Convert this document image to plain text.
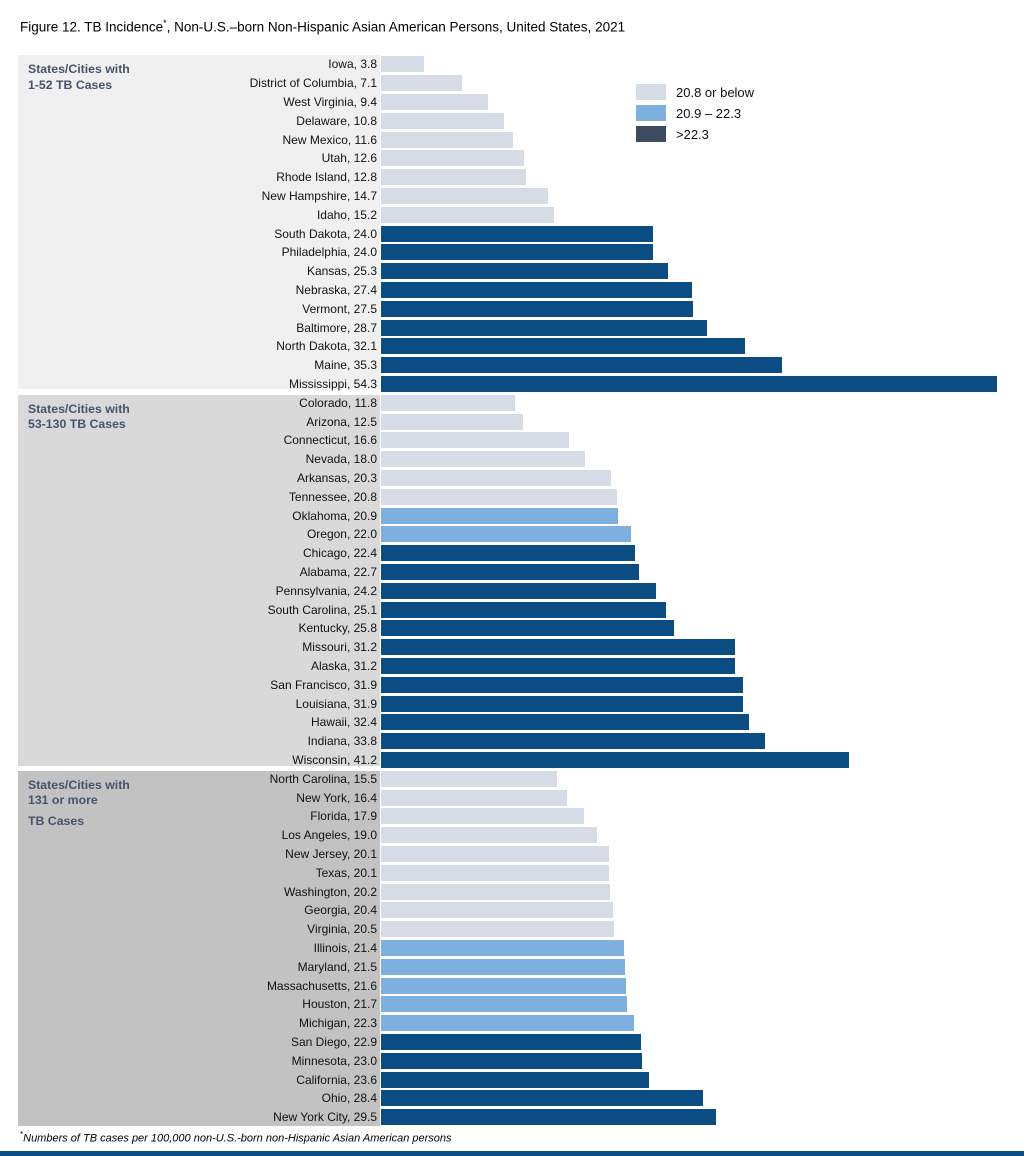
Figure 12. TB Incidence*, Non-U.S.–born Non-Hispanic Asian American Persons, United States, 2021
20.8 or below
20.9 – 22.3
>22.3
States/Cities with
1-52 TB Cases
Iowa, 3.8
District of Columbia, 7.1
West Virginia, 9.4
Delaware, 10.8
New Mexico, 11.6
Utah, 12.6
Rhode Island, 12.8
New Hampshire, 14.7
Idaho, 15.2
South Dakota, 24.0
Philadelphia, 24.0
Kansas, 25.3
Nebraska, 27.4
Vermont, 27.5
Baltimore, 28.7
North Dakota, 32.1
Maine, 35.3
Mississippi, 54.3
States/Cities with
53-130 TB Cases
Colorado, 11.8
Arizona, 12.5
Connecticut, 16.6
Nevada, 18.0
Arkansas, 20.3
Tennessee, 20.8
Oklahoma, 20.9
Oregon, 22.0
Chicago, 22.4
Alabama, 22.7
Pennsylvania, 24.2
South Carolina, 25.1
Kentucky, 25.8
Missouri, 31.2
Alaska, 31.2
San Francisco, 31.9
Louisiana, 31.9
Hawaii, 32.4
Indiana, 33.8
Wisconsin, 41.2
States/Cities with
131 or more
TB Cases
North Carolina, 15.5
New York, 16.4
Florida, 17.9
Los Angeles, 19.0
New Jersey, 20.1
Texas, 20.1
Washington, 20.2
Georgia, 20.4
Virginia, 20.5
Illinois, 21.4
Maryland, 21.5
Massachusetts, 21.6
Houston, 21.7
Michigan, 22.3
San Diego, 22.9
Minnesota, 23.0
California, 23.6
Ohio, 28.4
New York City, 29.5
*Numbers of TB cases per 100,000 non-U.S.-born non-Hispanic Asian American persons
